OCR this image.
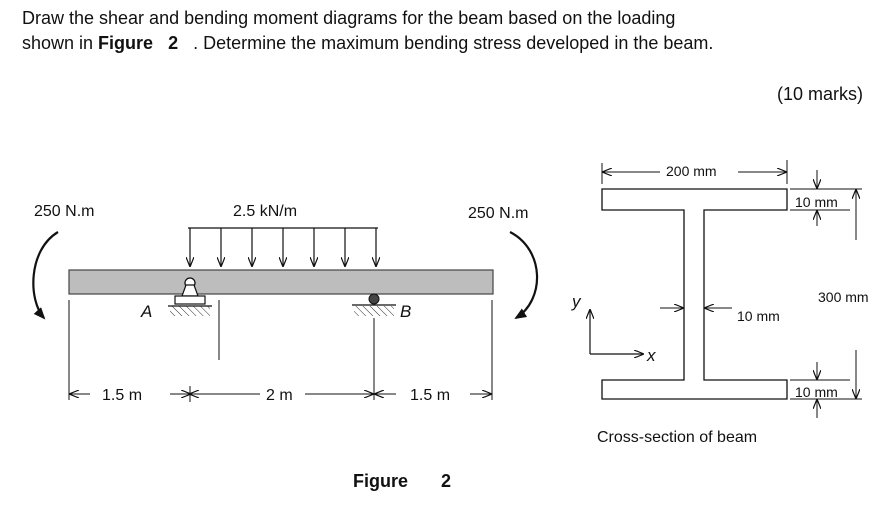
Draw the shear and bending moment diagrams for the beam based on the loading
shown in Figure 2 . Determine the maximum bending stress developed in the beam.
(10 marks)
250 N.m	2.5 kN/m	250 N.m
A	B
1.5 m	2 m	1.5 m
200 mm
10 mm
300 mm
10 mm
10 mm
y
x
Cross-section of beam
Figure 2
